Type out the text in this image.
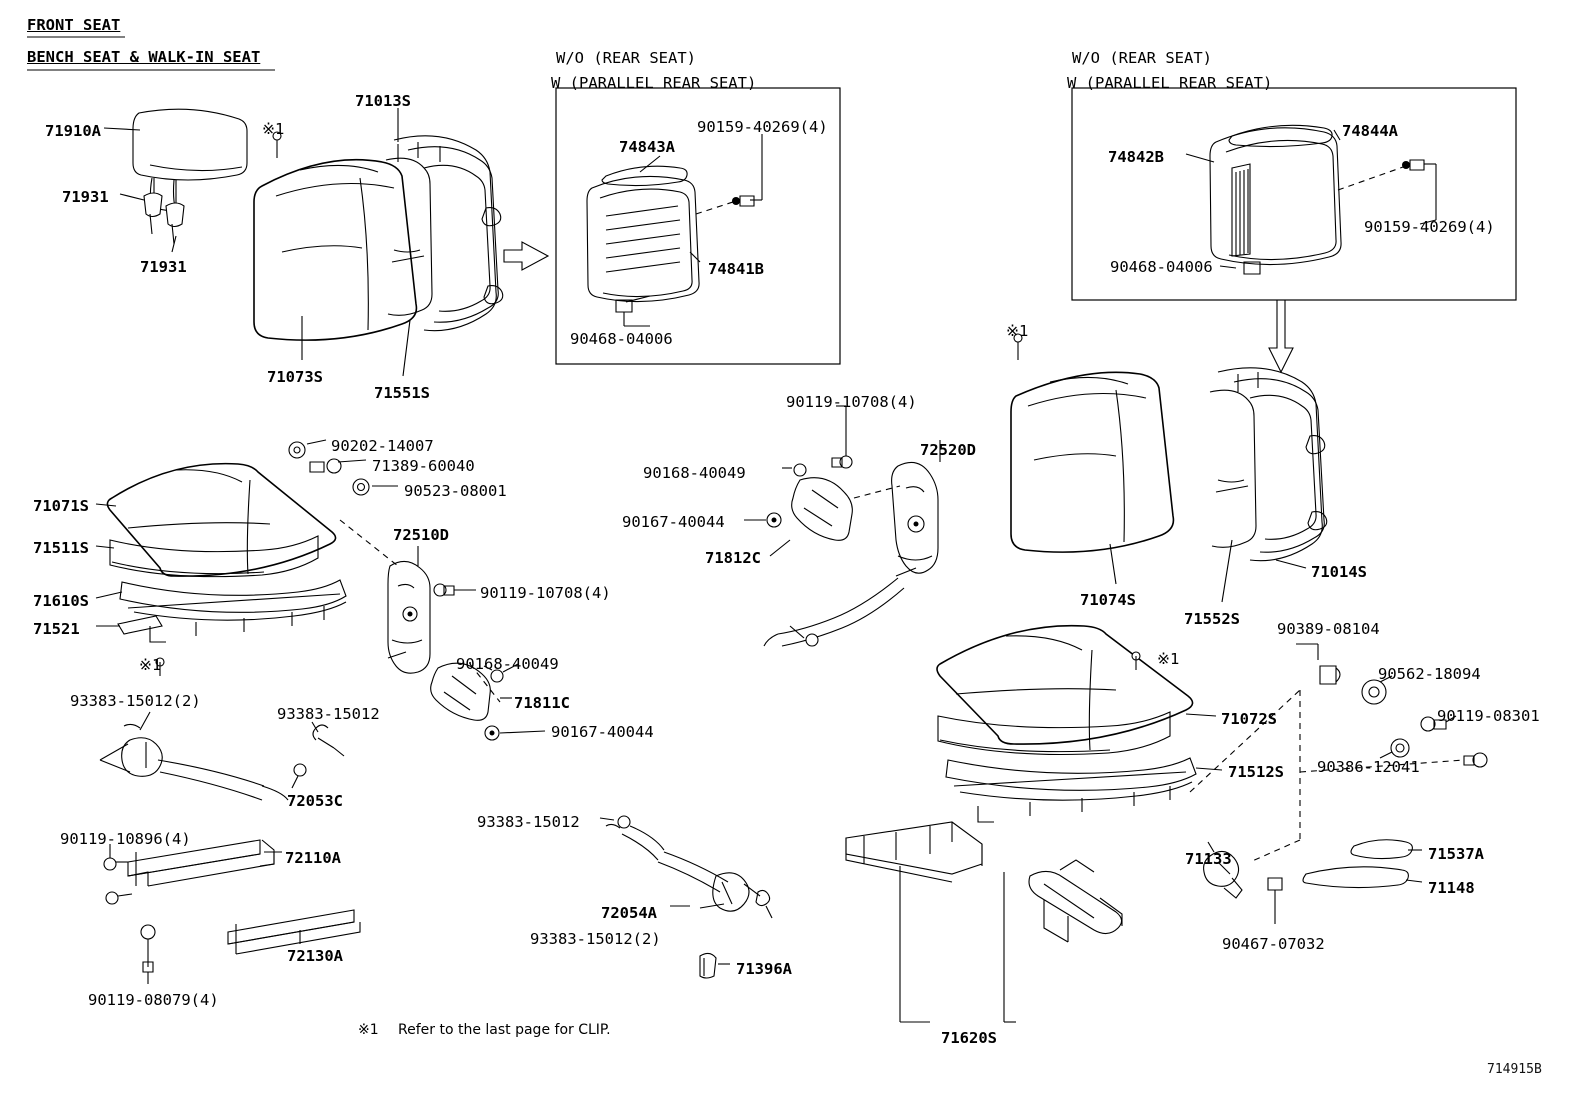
FRONT SEAT
BENCH SEAT & WALK-IN SEAT
71910A
71931
71931
※1
71013S
71073S
71551S
W/O (REAR SEAT)
W (PARALLEL REAR SEAT)
74843A
90159-40269(4)
74841B
90468-04006
W/O (REAR SEAT)
W (PARALLEL REAR SEAT)
74844A
74842B
90159-40269(4)
90468-04006
※1
71074S
71552S
71014S
90202-14007
71389-60040
90523-08001
71071S
71511S
71610S
71521
※1
72510D
90119-10708(4)
90168-40049
71811C
90167-40044
93383-15012(2)
93383-15012
72053C
90119-10896(4)
72110A
72130A
90119-08079(4)
93383-15012
72054A
93383-15012(2)
71396A
90119-10708(4)
90168-40049
90167-40044
71812C
72520D
※1
71072S
71512S
90389-08104
90562-18094
90119-08301
90386-12041
71133	71537A
71148
90467-07032
71620S
※1 Refer to the last page for CLIP.
714915B
